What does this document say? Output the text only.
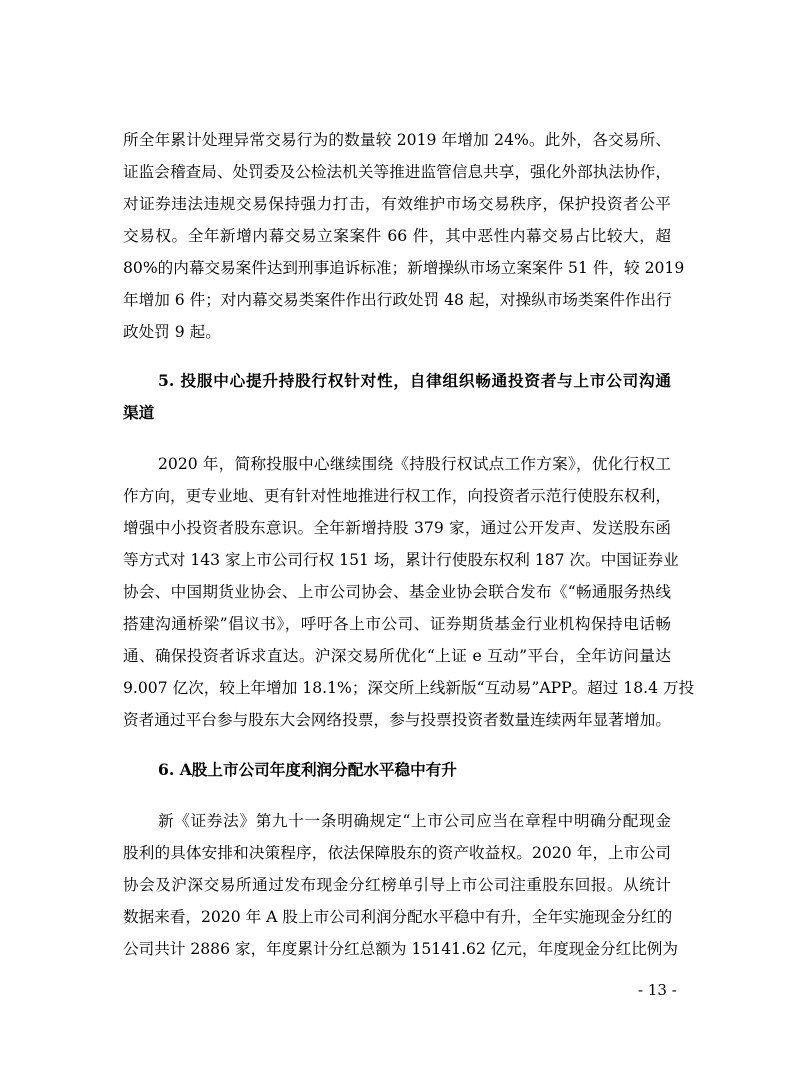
所全年累计处理异常交易行为的数量较 2019 年增加 24%。此外，各交易所、
证监会稽查局、处罚委及公检法机关等推进监管信息共享，强化外部执法协作，
对证券违法违规交易保持强力打击，有效维护市场交易秩序，保护投资者公平
交易权。全年新增内幕交易立案案件 66 件，其中恶性内幕交易占比较大，超
80%的内幕交易案件达到刑事追诉标准；新增操纵市场立案案件 51 件，较 2019
年增加 6 件；对内幕交易类案件作出行政处罚 48 起，对操纵市场类案件作出行
政处罚 9 起。
5. 投服中心提升持股行权针对性，自律组织畅通投资者与上市公司沟通
渠道
2020 年，简称投服中心继续围绕《持股行权试点工作方案》，优化行权工
作方向，更专业地、更有针对性地推进行权工作，向投资者示范行使股东权利，
增强中小投资者股东意识。全年新增持股 379 家，通过公开发声、发送股东函
等方式对 143 家上市公司行权 151 场，累计行使股东权利 187 次。中国证券业
协会、中国期货业协会、上市公司协会、基金业协会联合发布《“畅通服务热线
搭建沟通桥梁”倡议书》，呼吁各上市公司、证券期货基金行业机构保持电话畅
通、确保投资者诉求直达。沪深交易所优化“上证 e 互动”平台，全年访问量达
9.007 亿次，较上年增加 18.1%；深交所上线新版“互动易”APP。超过 18.4 万投
资者通过平台参与股东大会网络投票，参与投票投资者数量连续两年显著增加。
6. A股上市公司年度利润分配水平稳中有升
新《证券法》第九十一条明确规定“上市公司应当在章程中明确分配现金
股利的具体安排和决策程序，依法保障股东的资产收益权。2020 年，上市公司
协会及沪深交易所通过发布现金分红榜单引导上市公司注重股东回报。从统计
数据来看，2020 年 A 股上市公司利润分配水平稳中有升，全年实施现金分红的
公司共计 2886 家，年度累计分红总额为 15141.62 亿元，年度现金分红比例为
- 13 -
